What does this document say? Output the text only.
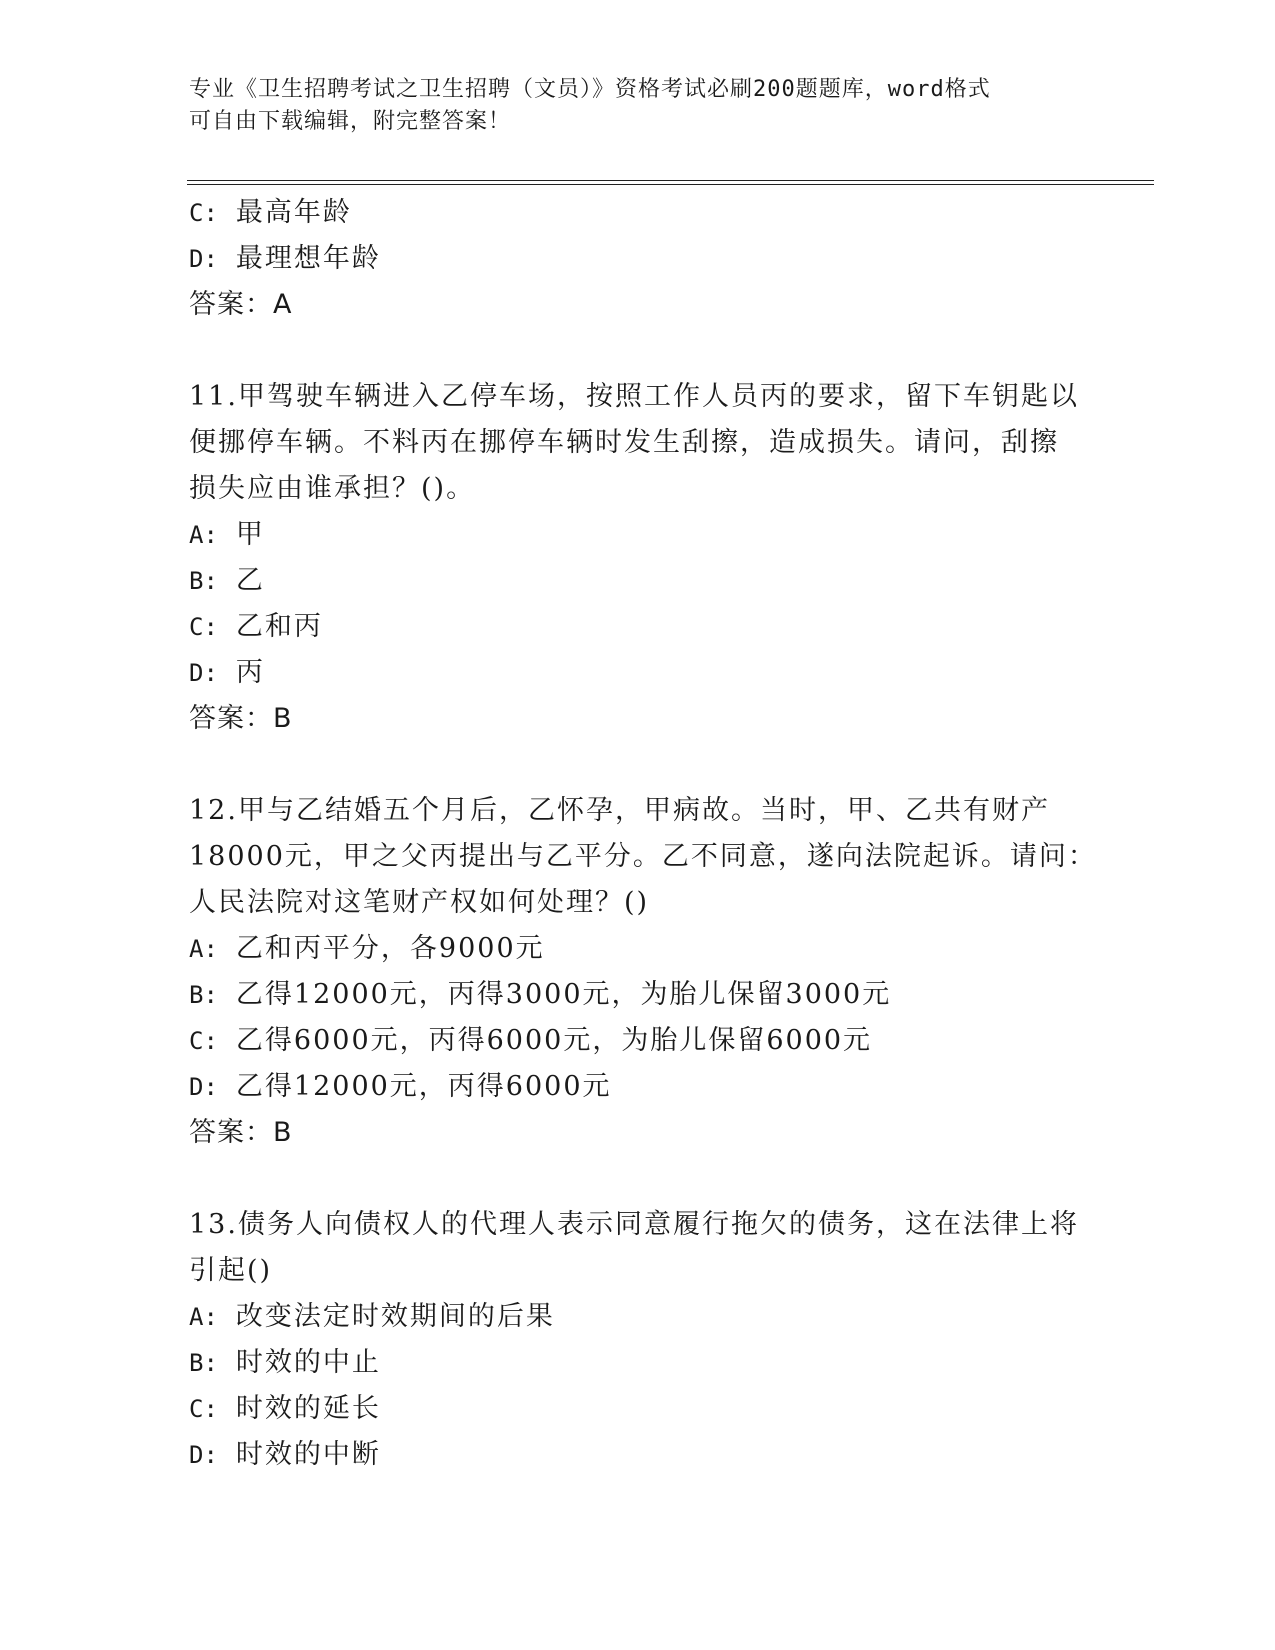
专业《卫生招聘考试之卫生招聘（文员）》资格考试必刷200题题库，word格式
可自由下载编辑，附完整答案！
C: 最高年龄
D: 最理想年龄
答案：A
11.甲驾驶车辆进入乙停车场，按照工作人员丙的要求，留下车钥匙以
便挪停车辆。不料丙在挪停车辆时发生刮擦，造成损失。请问，刮擦
损失应由谁承担？()。
A: 甲
B: 乙
C: 乙和丙
D: 丙
答案：B
12.甲与乙结婚五个月后，乙怀孕，甲病故。当时，甲、乙共有财产
18000元，甲之父丙提出与乙平分。乙不同意，遂向法院起诉。请问：
人民法院对这笔财产权如何处理？()
A: 乙和丙平分，各9000元
B: 乙得12000元，丙得3000元，为胎儿保留3000元
C: 乙得6000元，丙得6000元，为胎儿保留6000元
D: 乙得12000元，丙得6000元
答案：B
13.债务人向债权人的代理人表示同意履行拖欠的债务，这在法律上将
引起()
A: 改变法定时效期间的后果
B: 时效的中止
C: 时效的延长
D: 时效的中断
